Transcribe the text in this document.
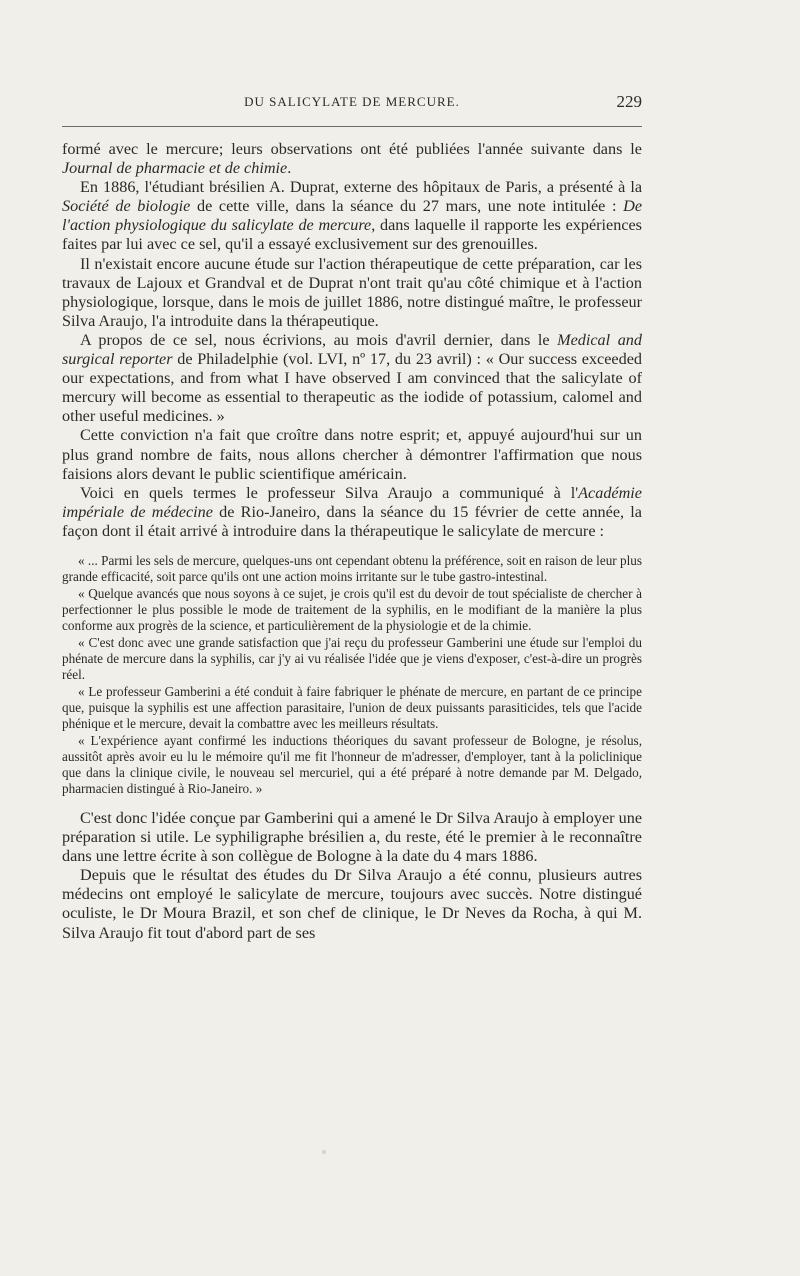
DU SALICYLATE DE MERCURE.	229

formé avec le mercure; leurs observations ont été publiées l'année suivante dans le Journal de pharmacie et de chimie.

En 1886, l'étudiant brésilien A. Duprat, externe des hôpitaux de Paris, a présenté à la Société de biologie de cette ville, dans la séance du 27 mars, une note intitulée : De l'action physiologique du salicylate de mercure, dans laquelle il rapporte les expériences faites par lui avec ce sel, qu'il a essayé exclusivement sur des grenouilles.

Il n'existait encore aucune étude sur l'action thérapeutique de cette préparation, car les travaux de Lajoux et Grandval et de Duprat n'ont trait qu'au côté chimique et à l'action physiologique, lorsque, dans le mois de juillet 1886, notre distingué maître, le professeur Silva Araujo, l'a introduite dans la thérapeutique.

A propos de ce sel, nous écrivions, au mois d'avril dernier, dans le Medical and surgical reporter de Philadelphie (vol. LVI, nº 17, du 23 avril) : « Our success exceeded our expectations, and from what I have observed I am convinced that the salicylate of mercury will become as essential to therapeutic as the iodide of potassium, calomel and other useful medicines. »

Cette conviction n'a fait que croître dans notre esprit; et, appuyé aujourd'hui sur un plus grand nombre de faits, nous allons chercher à démontrer l'affirmation que nous faisions alors devant le public scientifique américain.

Voici en quels termes le professeur Silva Araujo a communiqué à l'Académie impériale de médecine de Rio-Janeiro, dans la séance du 15 février de cette année, la façon dont il était arrivé à introduire dans la thérapeutique le salicylate de mercure :

« ... Parmi les sels de mercure, quelques-uns ont cependant obtenu la préférence, soit en raison de leur plus grande efficacité, soit parce qu'ils ont une action moins irritante sur le tube gastro-intestinal.

« Quelque avancés que nous soyons à ce sujet, je crois qu'il est du devoir de tout spécialiste de chercher à perfectionner le plus possible le mode de traitement de la syphilis, en le modifiant de la manière la plus conforme aux progrès de la science, et particulièrement de la physiologie et de la chimie.

« C'est donc avec une grande satisfaction que j'ai reçu du professeur Gamberini une étude sur l'emploi du phénate de mercure dans la syphilis, car j'y ai vu réalisée l'idée que je viens d'exposer, c'est-à-dire un progrès réel.

« Le professeur Gamberini a été conduit à faire fabriquer le phénate de mercure, en partant de ce principe que, puisque la syphilis est une affection parasitaire, l'union de deux puissants parasiticides, tels que l'acide phénique et le mercure, devait la combattre avec les meilleurs résultats.

« L'expérience ayant confirmé les inductions théoriques du savant professeur de Bologne, je résolus, aussitôt après avoir eu lu le mémoire qu'il me fit l'honneur de m'adresser, d'employer, tant à la policlinique que dans la clinique civile, le nouveau sel mercuriel, qui a été préparé à notre demande par M. Delgado, pharmacien distingué à Rio-Janeiro. »

C'est donc l'idée conçue par Gamberini qui a amené le Dr Silva Araujo à employer une préparation si utile. Le syphiligraphe brésilien a, du reste, été le premier à le reconnaître dans une lettre écrite à son collègue de Bologne à la date du 4 mars 1886.

Depuis que le résultat des études du Dr Silva Araujo a été connu, plusieurs autres médecins ont employé le salicylate de mercure, toujours avec succès. Notre distingué oculiste, le Dr Moura Brazil, et son chef de clinique, le Dr Neves da Rocha, à qui M. Silva Araujo fit tout d'abord part de ses
